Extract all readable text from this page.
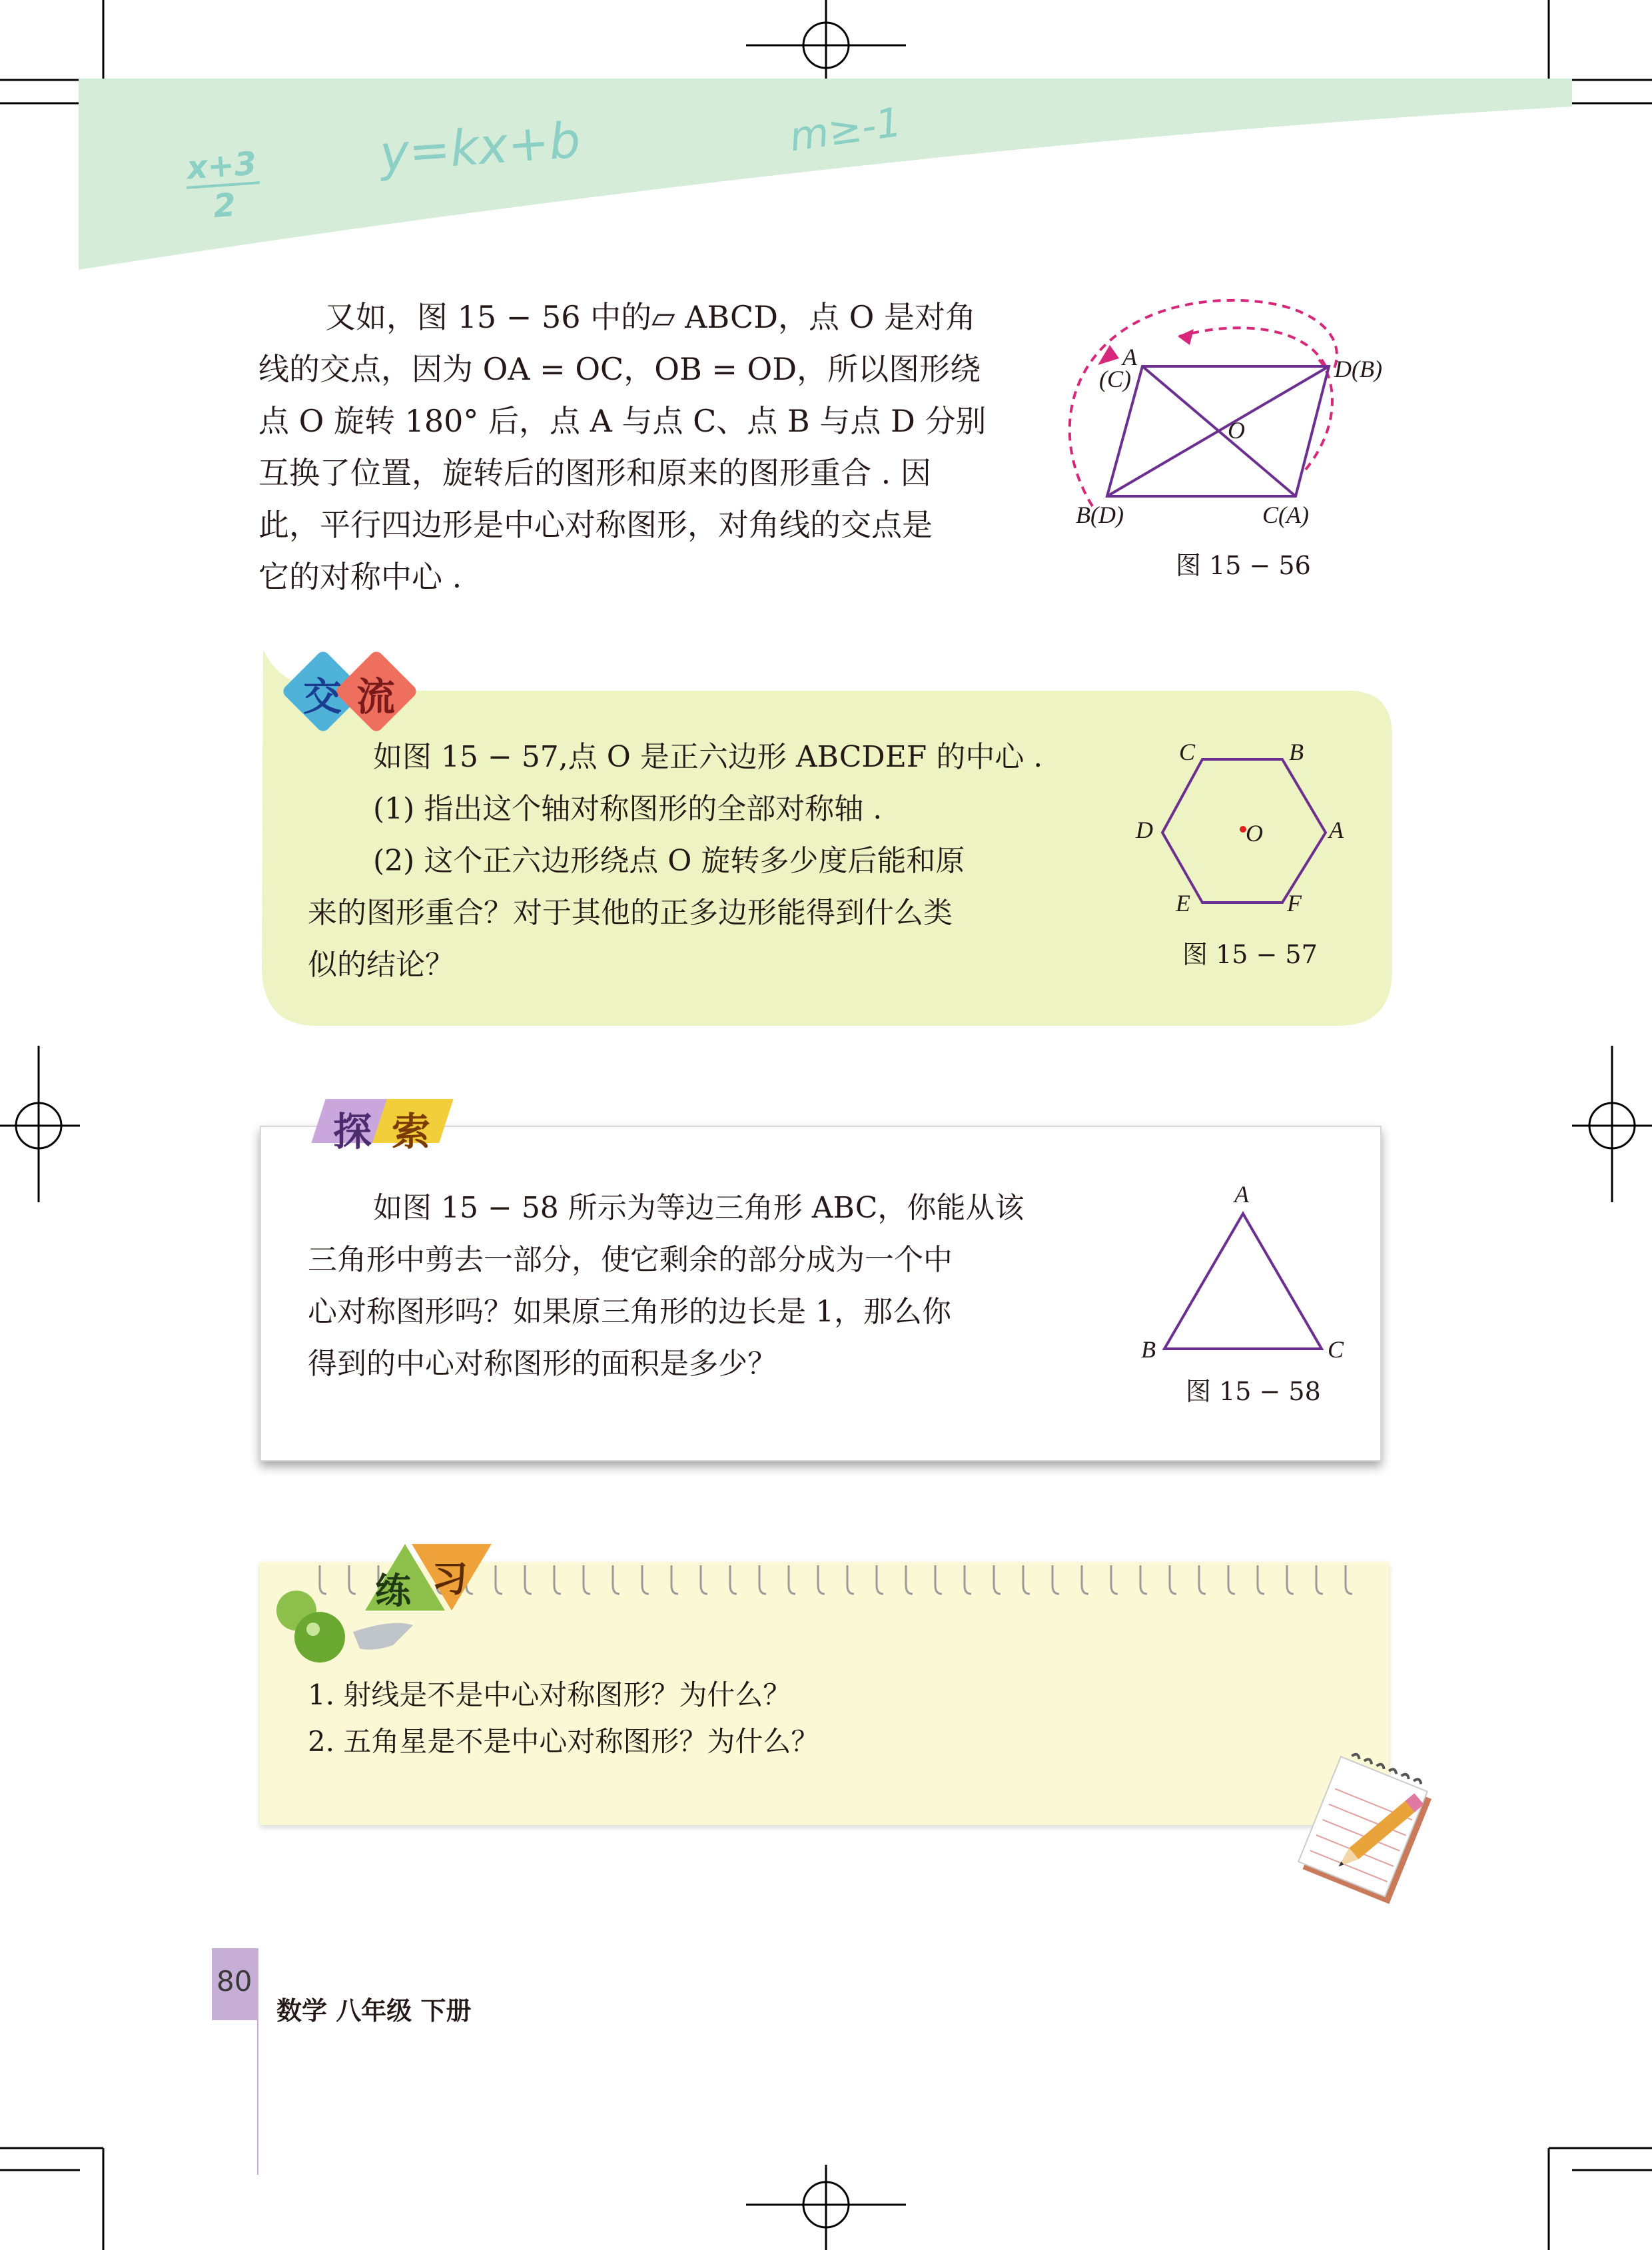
x+3
2
y=kx+b	m≥-1
又如，图 15 − 56 中的▱ ABCD，点 O 是对角
线的交点，因为 OA = OC，OB = OD，所以图形绕
点 O 旋转 180° 后，点 A 与点 C、点 B 与点 D 分别
互换了位置，旋转后的图形和原来的图形重合 . 因
此，平行四边形是中心对称图形，对角线的交点是
它的对称中心 .
A
(C)	D(B)
O
B(D)	C(A)
图 15 − 56
交 流
如图 15 − 57,点 O 是正六边形 ABCDEF 的中心 .
(1) 指出这个轴对称图形的全部对称轴 .
(2) 这个正六边形绕点 O 旋转多少度后能和原
来的图形重合？对于其他的正多边形能得到什么类
似的结论？
C	B
D	O	A
E	F
图 15 − 57
探 索
如图 15 − 58 所示为等边三角形 ABC，你能从该
三角形中剪去一部分，使它剩余的部分成为一个中
心对称图形吗？如果原三角形的边长是 1，那么你
得到的中心对称图形的面积是多少？
A
B	C
图 15 − 58
练 习
1. 射线是不是中心对称图形？为什么？
2. 五角星是不是中心对称图形？为什么？
80
数学 八年级 下册
